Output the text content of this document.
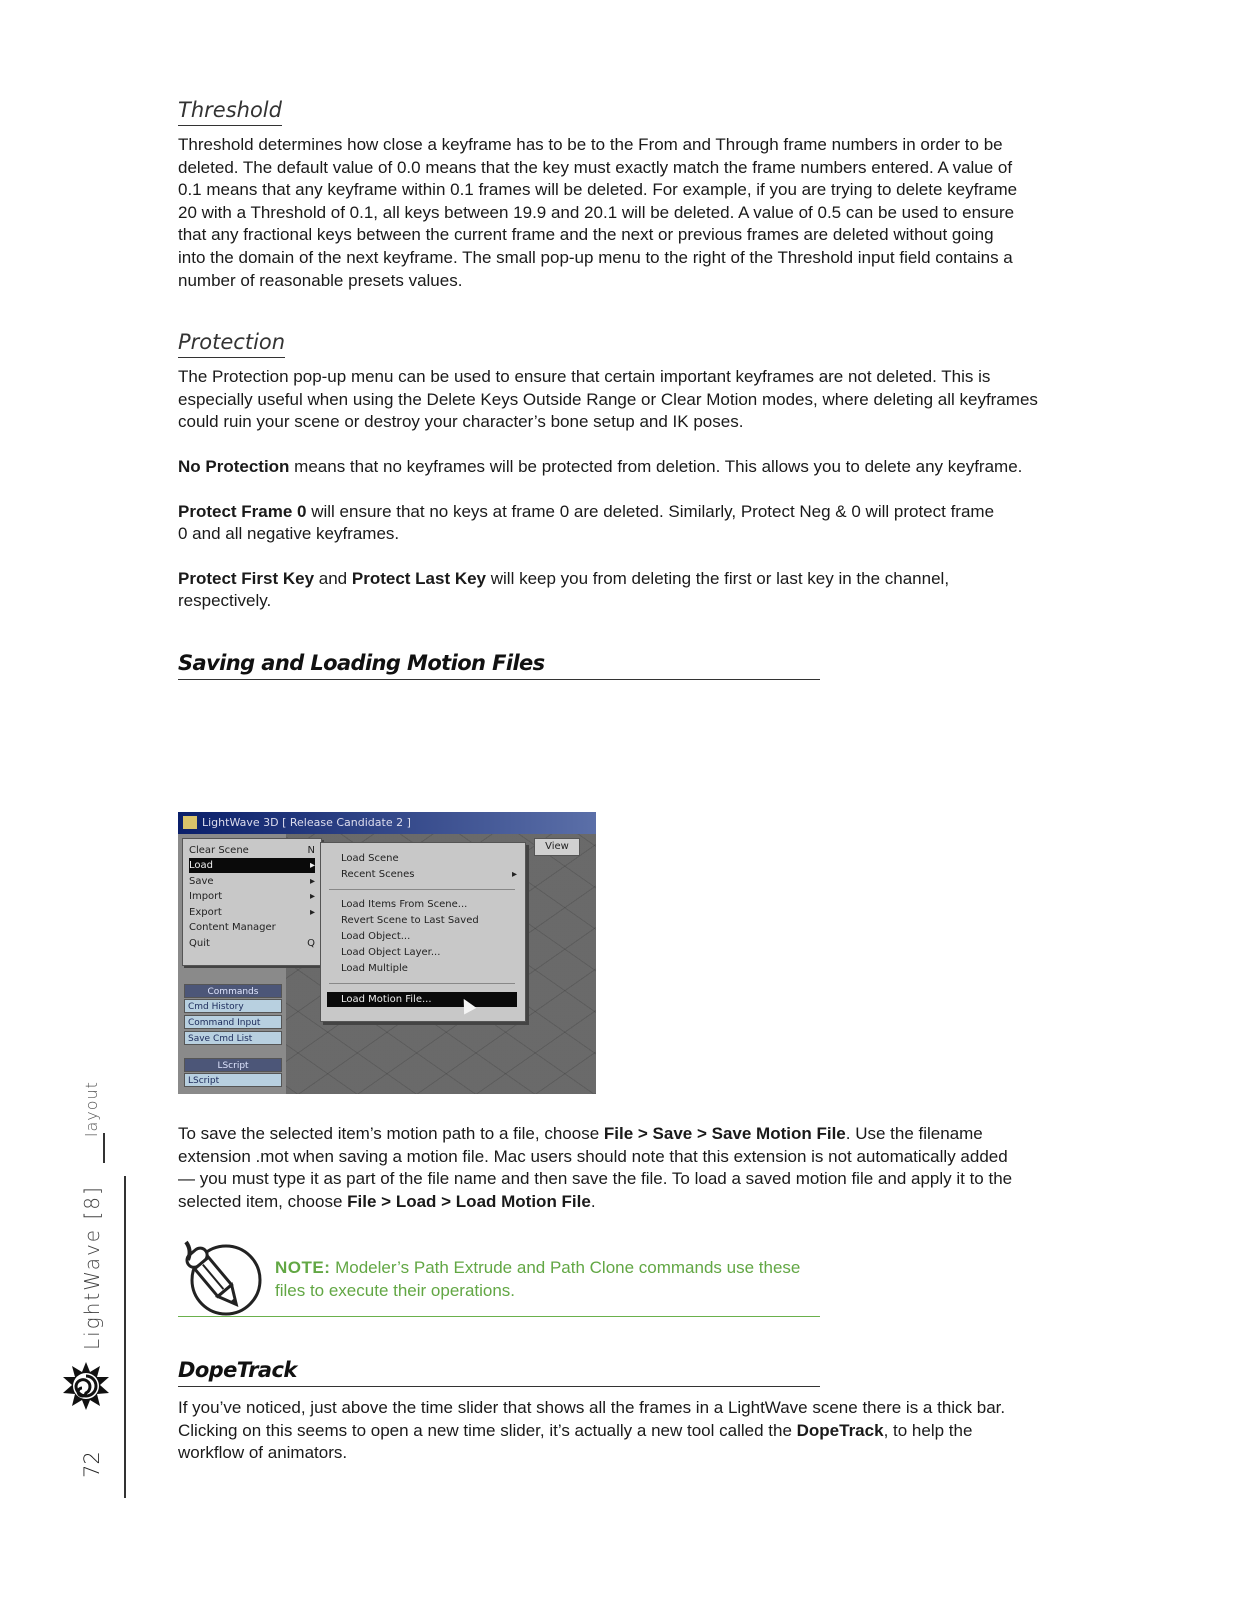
Threshold

Threshold determines how close a keyframe has to be to the From and Through frame numbers in order to be deleted. The default value of 0.0 means that the key must exactly match the frame numbers entered. A value of 0.1 means that any keyframe within 0.1 frames will be deleted. For example, if you are trying to delete keyframe 20 with a Threshold of 0.1, all keys between 19.9 and 20.1 will be deleted. A value of 0.5 can be used to ensure that any fractional keys between the current frame and the next or previous frames are deleted without going into the domain of the next keyframe. The small pop-up menu to the right of the Threshold input field contains a number of reasonable presets values.

Protection

The Protection pop-up menu can be used to ensure that certain important keyframes are not deleted. This is especially useful when using the Delete Keys Outside Range or Clear Motion modes, where deleting all keyframes could ruin your scene or destroy your character’s bone setup and IK poses.

No Protection means that no keyframes will be protected from deletion. This allows you to delete any keyframe.

Protect Frame 0 will ensure that no keys at frame 0 are deleted. Similarly, Protect Neg & 0 will protect frame 0 and all negative keyframes.

Protect First Key and Protect Last Key will keep you from deleting the first or last key in the channel, respectively.

Saving and Loading Motion Files

To save the selected item’s motion path to a file, choose File > Save > Save Motion File. Use the filename extension .mot when saving a motion file. Mac users should note that this extension is not automatically added — you must type it as part of the file name and then save the file. To load a saved motion file and apply it to the selected item, choose File > Load > Load Motion File.

LightWave 3D [ Release Candidate 2 ]
Commands
Cmd History
Command Input
Save Cmd List
LScript
LScript
View
Clear Scene	N
Load	▸
Save	▸
Import	▸
Export	▸
Content Manager
Quit	Q
Load Scene
Recent Scenes	▸
Load Items From Scene...
Revert Scene to Last Saved
Load Object...
Load Object Layer...
Load Multiple
Load Motion File...
NOTE: Modeler’s Path Extrude and Path Clone commands use these files to execute their operations.
DopeTrack

If you’ve noticed, just above the time slider that shows all the frames in a LightWave scene there is a thick bar. Clicking on this seems to open a new time slider, it’s actually a new tool called the DopeTrack, to help the workflow of animators.

layout
LightWave [8]
72
